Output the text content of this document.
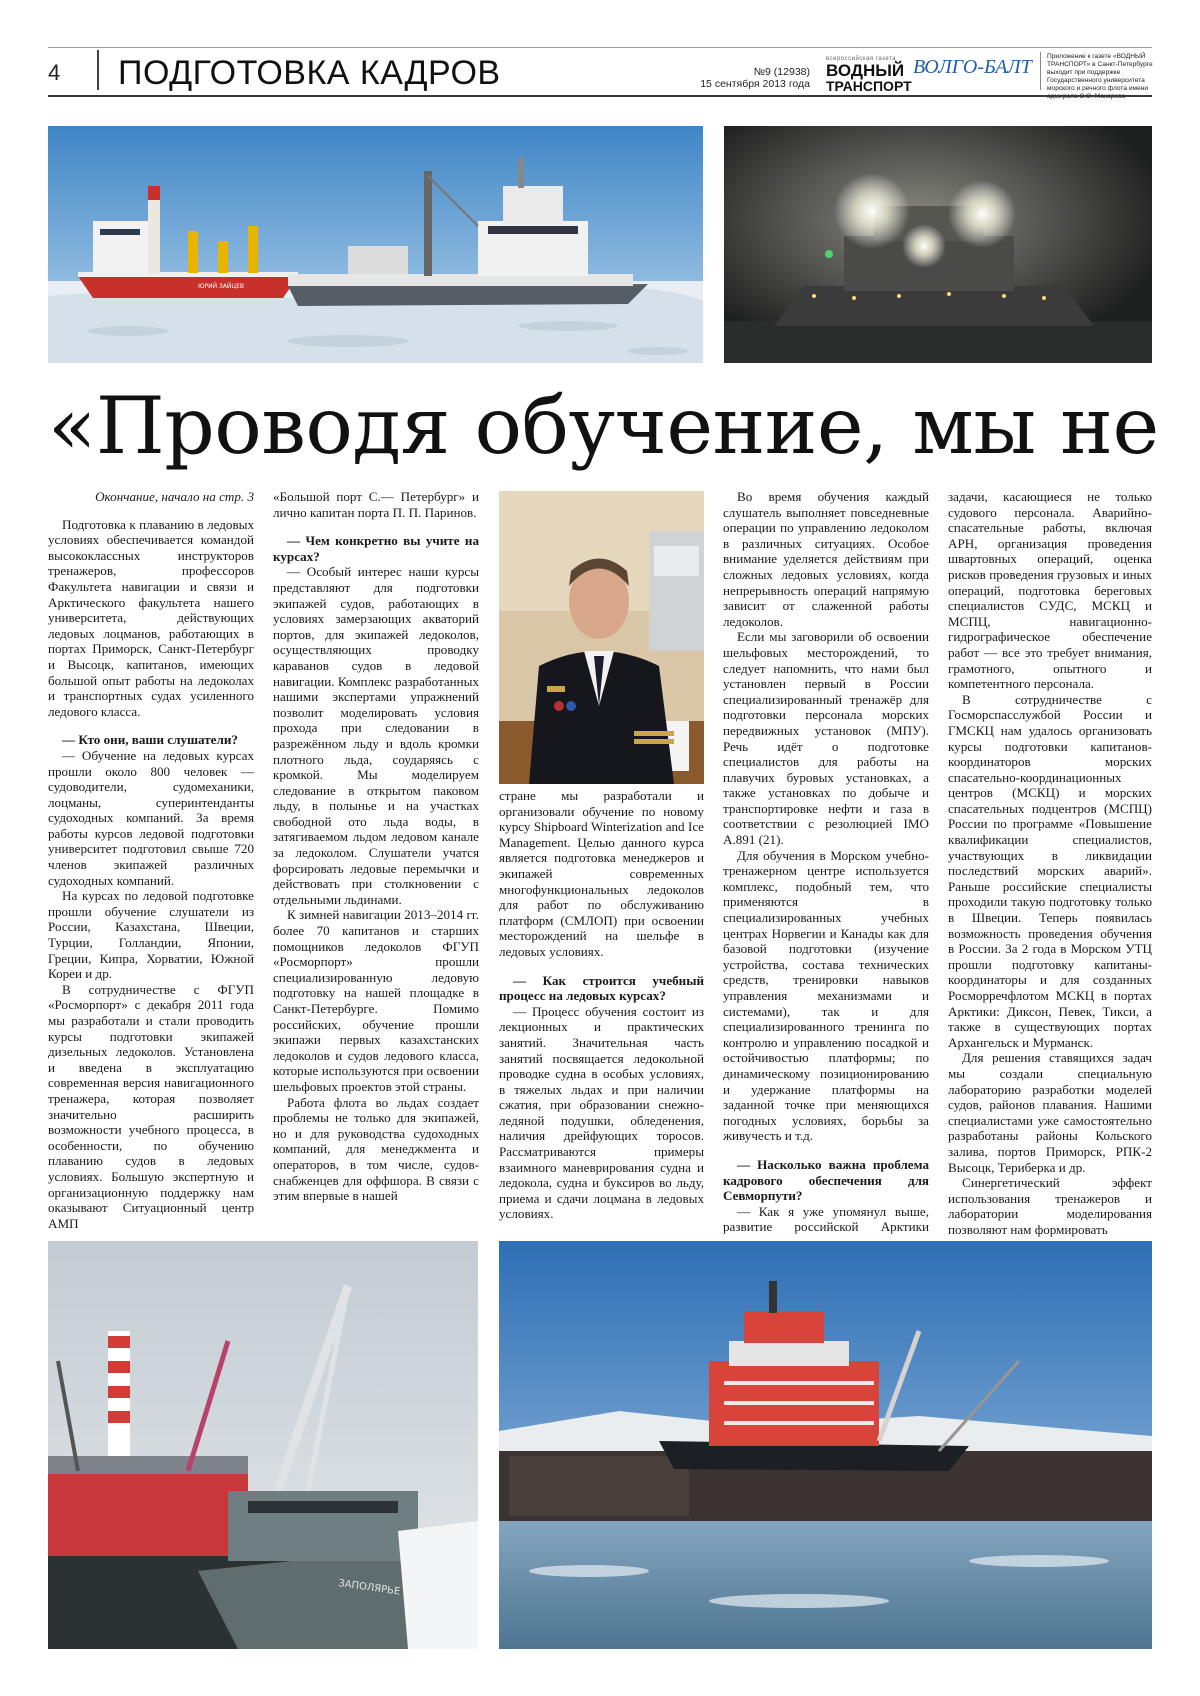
4 ПОДГОТОВКА КАДРОВ	№9 (12938)
15 сентября 2013 года
всероссийская газета
ВОДНЫЙ
ТРАНСПОРТ
ВОЛГО-БАЛТ Приложение к газете «ВОДНЫЙ ТРАНСПОРТ» в Санкт-Петербурге выходит при поддержке Государственного университета морского и речного флота имени
ЮРИЙ ЗАЙЦЕВ
«Проводя обучение, мы не

Окончание, начало на стр. 3

Подготовка к плаванию в ледовых условиях обеспечивается командой высококлассных инструкторов тренажеров, профессоров Факультета навигации и связи и Арктического факультета нашего университета, действующих ледовых лоцманов, работающих в портах Приморск, Санкт-Петербург и Высоцк, капитанов, имеющих большой опыт работы на ледоколах и транспортных судах усиленного ледового класса.

— Кто они, ваши слушатели?

— Обучение на ледовых курсах прошли около 800 человек — судоводители, судомеханики, лоцманы, суперинтенданты судоходных компаний. За время работы курсов ледовой подготовки университет подготовил свыше 720 членов экипажей различных судоходных компаний.

На курсах по ледовой подготовке прошли обучение слушатели из России, Казахстана, Швеции, Турции, Голландии, Японии, Греции, Кипра, Хорватии, Южной Кореи и др.

В сотрудничестве с ФГУП «Росморпорт» с декабря 2011 года мы разработали и стали проводить курсы подготовки экипажей дизельных ледоколов. Установлена и введена в эксплуатацию современная версия навигационного тренажера, которая позволяет значительно расширить возможности учебного процесса, в особенности, по обучению плаванию судов в ледовых условиях. Большую экспертную и организационную поддержку нам оказывают Ситуационный центр АМП

«Большой порт С.— Петербург» и лично капитан порта П. П. Паринов.

— Чем конкретно вы учите на курсах?

— Особый интерес наши курсы представляют для подготовки экипажей судов, работающих в условиях замерзающих акваторий портов, для экипажей ледоколов, осуществляющих проводку караванов судов в ледовой навигации. Комплекс разработанных нашими экспертами упражнений позволит моделировать условия прохода при следовании в разрежённом льду и вдоль кромки плотного льда, соударяясь с кромкой. Мы моделируем следование в открытом паковом льду, в полынье и на участках свободной ото льда воды, в затягиваемом льдом ледовом канале за ледоколом. Слушатели учатся форсировать ледовые перемычки и действовать при столкновении с отдельными льдинами.

К зимней навигации 2013–2014 гг. более 70 капитанов и старших помощников ледоколов ФГУП «Росморпорт» прошли специализированную ледовую подготовку на нашей площадке в Санкт-Петербурге. Помимо российских, обучение прошли экипажи первых казахстанских ледоколов и судов ледового класса, которые используются при освоении шельфовых проектов этой страны.

Работа флота во льдах создает проблемы не только для экипажей, но и для руководства судоходных компаний, для менеджмента и операторов, в том числе, судов-снабженцев для оффшора. В связи с этим впервые в нашей

стране мы разработали и организовали обучение по новому курсу Shipboard Winterization and Ice Management. Целью данного курса является подготовка менеджеров и экипажей современных многофункциональных ледоколов для работ по обслуживанию платформ (СМЛОП) при освоении месторождений на шельфе в ледовых условиях.

— Как строится учебный процесс на ледовых курсах?

— Процесс обучения состоит из лекционных и практических занятий. Значительная часть занятий посвящается ледокольной проводке судна в особых условиях, в тяжелых льдах и при наличии сжатия, при образовании снежно-ледяной подушки, обледенения, наличия дрейфующих торосов. Рассматриваются примеры взаимного маневрирования судна и ледокола, судна и буксиров во льду, приема и сдачи лоцмана в ледовых условиях.

Во время обучения каждый слушатель выполняет повседневные операции по управлению ледоколом в различных ситуациях. Особое внимание уделяется действиям при сложных ледовых условиях, когда непрерывность операций напрямую зависит от слаженной работы ледоколов.

Если мы заговорили об освоении шельфовых месторождений, то следует напомнить, что нами был установлен первый в России специализированный тренажёр для подготовки персонала морских передвижных установок (МПУ). Речь идёт о подготовке специалистов для работы на плавучих буровых установках, а также установках по добыче и транспортировке нефти и газа в соответствии с резолюцией IMO A.891 (21).

Для обучения в Морском учебно-тренажерном центре используется комплекс, подобный тем, что применяются в специализированных учебных центрах Норвегии и Канады как для базовой подготовки (изучение устройства, состава технических средств, тренировки навыков управления механизмами и системами), так и для специализированного тренинга по контролю и управлению посадкой и остойчивостью платформы; по динамическому позиционированию и удержание платформы на заданной точке при меняющихся погодных условиях, борьбы за живучесть и т.д.

— Насколько важна проблема кадрового обеспечения для Севморпути?

— Как я уже упомянул выше, развитие российской Арктики

задачи, касающиеся не только судового персонала. Аварийно-спасательные работы, включая АРН, организация проведения швартовных операций, оценка рисков проведения грузовых и иных операций, подготовка береговых специалистов СУДС, МСКЦ и МСПЦ, навигационно-гидрографическое обеспечение работ — все это требует внимания, грамотного, опытного и компетентного персонала.

В сотрудничестве с Госморспасслужбой России и ГМСКЦ нам удалось организовать курсы подготовки капитанов-координаторов морских спасательно-координационных центров (МСКЦ) и морских спасательных подцентров (МСПЦ) России по программе «Повышение квалификации специалистов, участвующих в ликвидации последствий морских аварий». Раньше российские специалисты проходили такую подготовку только в Швеции. Теперь появилась возможность проведения обучения в России. За 2 года в Морском УТЦ прошли подготовку капитаны-координаторы и для созданных Росморречфлотом МСКЦ в портах Арктики: Диксон, Певек, Тикси, а также в существующих портах Архангельск и Мурманск.

Для решения ставящихся задач мы создали специальную лабораторию разработки моделей судов, районов плавания. Нашими специалистами уже самостоятельно разработаны районы Кольского залива, портов Приморск, РПК-2 Высоцк, Териберка и др.

Синергетический эффект использования тренажеров и лаборатории моделирования позволяют нам формировать

ЗАПОЛЯРЬЕ
